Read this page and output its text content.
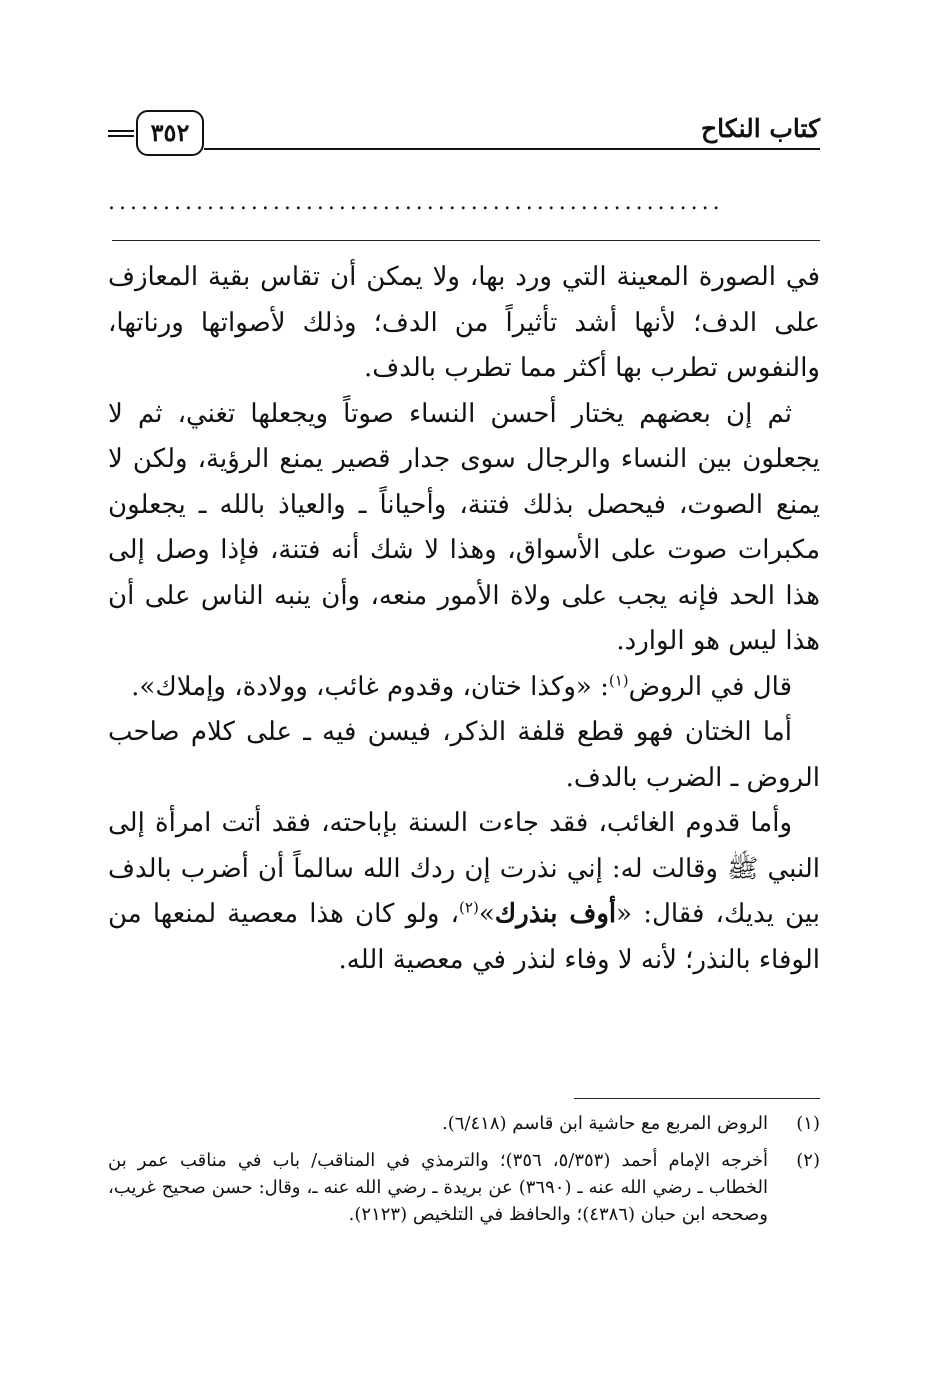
كتاب النكاح
٣٥٢
........................................................

في الصورة المعينة التي ورد بها، ولا يمكن أن تقاس بقية المعازف على الدف؛ لأنها أشد تأثيراً من الدف؛ وذلك لأصواتها ورناتها، والنفوس تطرب بها أكثر مما تطرب بالدف.

ثم إن بعضهم يختار أحسن النساء صوتاً ويجعلها تغني، ثم لا يجعلون بين النساء والرجال سوى جدار قصير يمنع الرؤية، ولكن لا يمنع الصوت، فيحصل بذلك فتنة، وأحياناً ـ والعياذ بالله ـ يجعلون مكبرات صوت على الأسواق، وهذا لا شك أنه فتنة، فإذا وصل إلى هذا الحد فإنه يجب على ولاة الأمور منعه، وأن ينبه الناس على أن هذا ليس هو الوارد.

قال في الروض$^{(١)}$: «وكذا ختان، وقدوم غائب، وولادة، وإملاك».

أما الختان فهو قطع قلفة الذكر، فيسن فيه ـ على كلام صاحب الروض ـ الضرب بالدف.

وأما قدوم الغائب، فقد جاءت السنة بإباحته، فقد أتت امرأة إلى النبي ﷺ وقالت له: إني نذرت إن ردك الله سالماً أن أضرب بالدف بين يديك، فقال: «أوف بنذرك»$^{(٢)}$، ولو كان هذا معصية لمنعها من الوفاء بالنذر؛ لأنه لا وفاء لنذر في معصية الله.

(١)
الروض المربع مع حاشية ابن قاسم (٦/٤١٨).
(٢)
أخرجه الإمام أحمد (٥/٣٥٣، ٣٥٦)؛ والترمذي في المناقب/ باب في مناقب عمر بن الخطاب ـ رضي الله عنه ـ (٣٦٩٠) عن بريدة ـ رضي الله عنه ـ، وقال: حسن صحيح غريب، وصححه ابن حبان (٤٣٨٦)؛ والحافظ في التلخيص (٢١٢٣).
